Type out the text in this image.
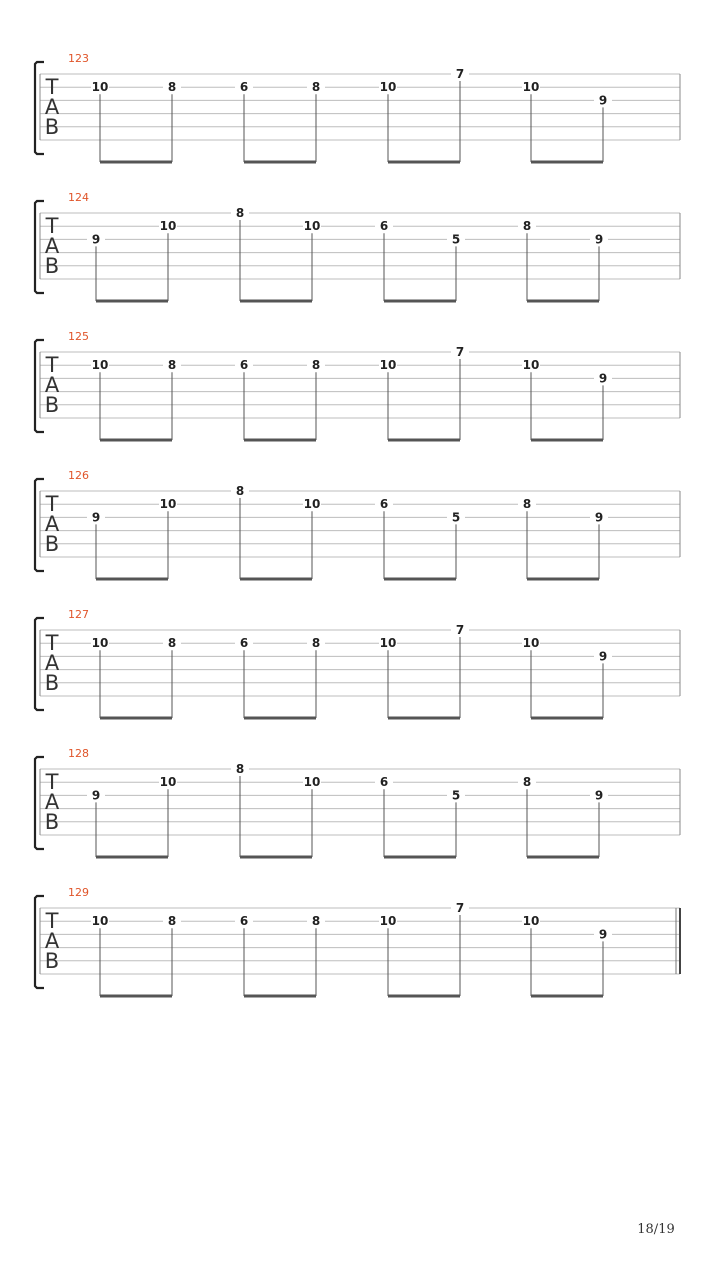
123
T
A
B
10	8	6	8	10
7
10
9
124
T
A
B
9
10
8
10	6
5
8
9
125
T
A
B
10	8	6	8	10
7
10
9
126
T
A
B
9
10
8
10	6
5
8
9
127
T
A
B
10	8	6	8	10
7
10
9
128
T
A
B
9
10
8
10	6
5
8
9
129
T
A
B
10	8	6	8	10
7
10
9
18/19
